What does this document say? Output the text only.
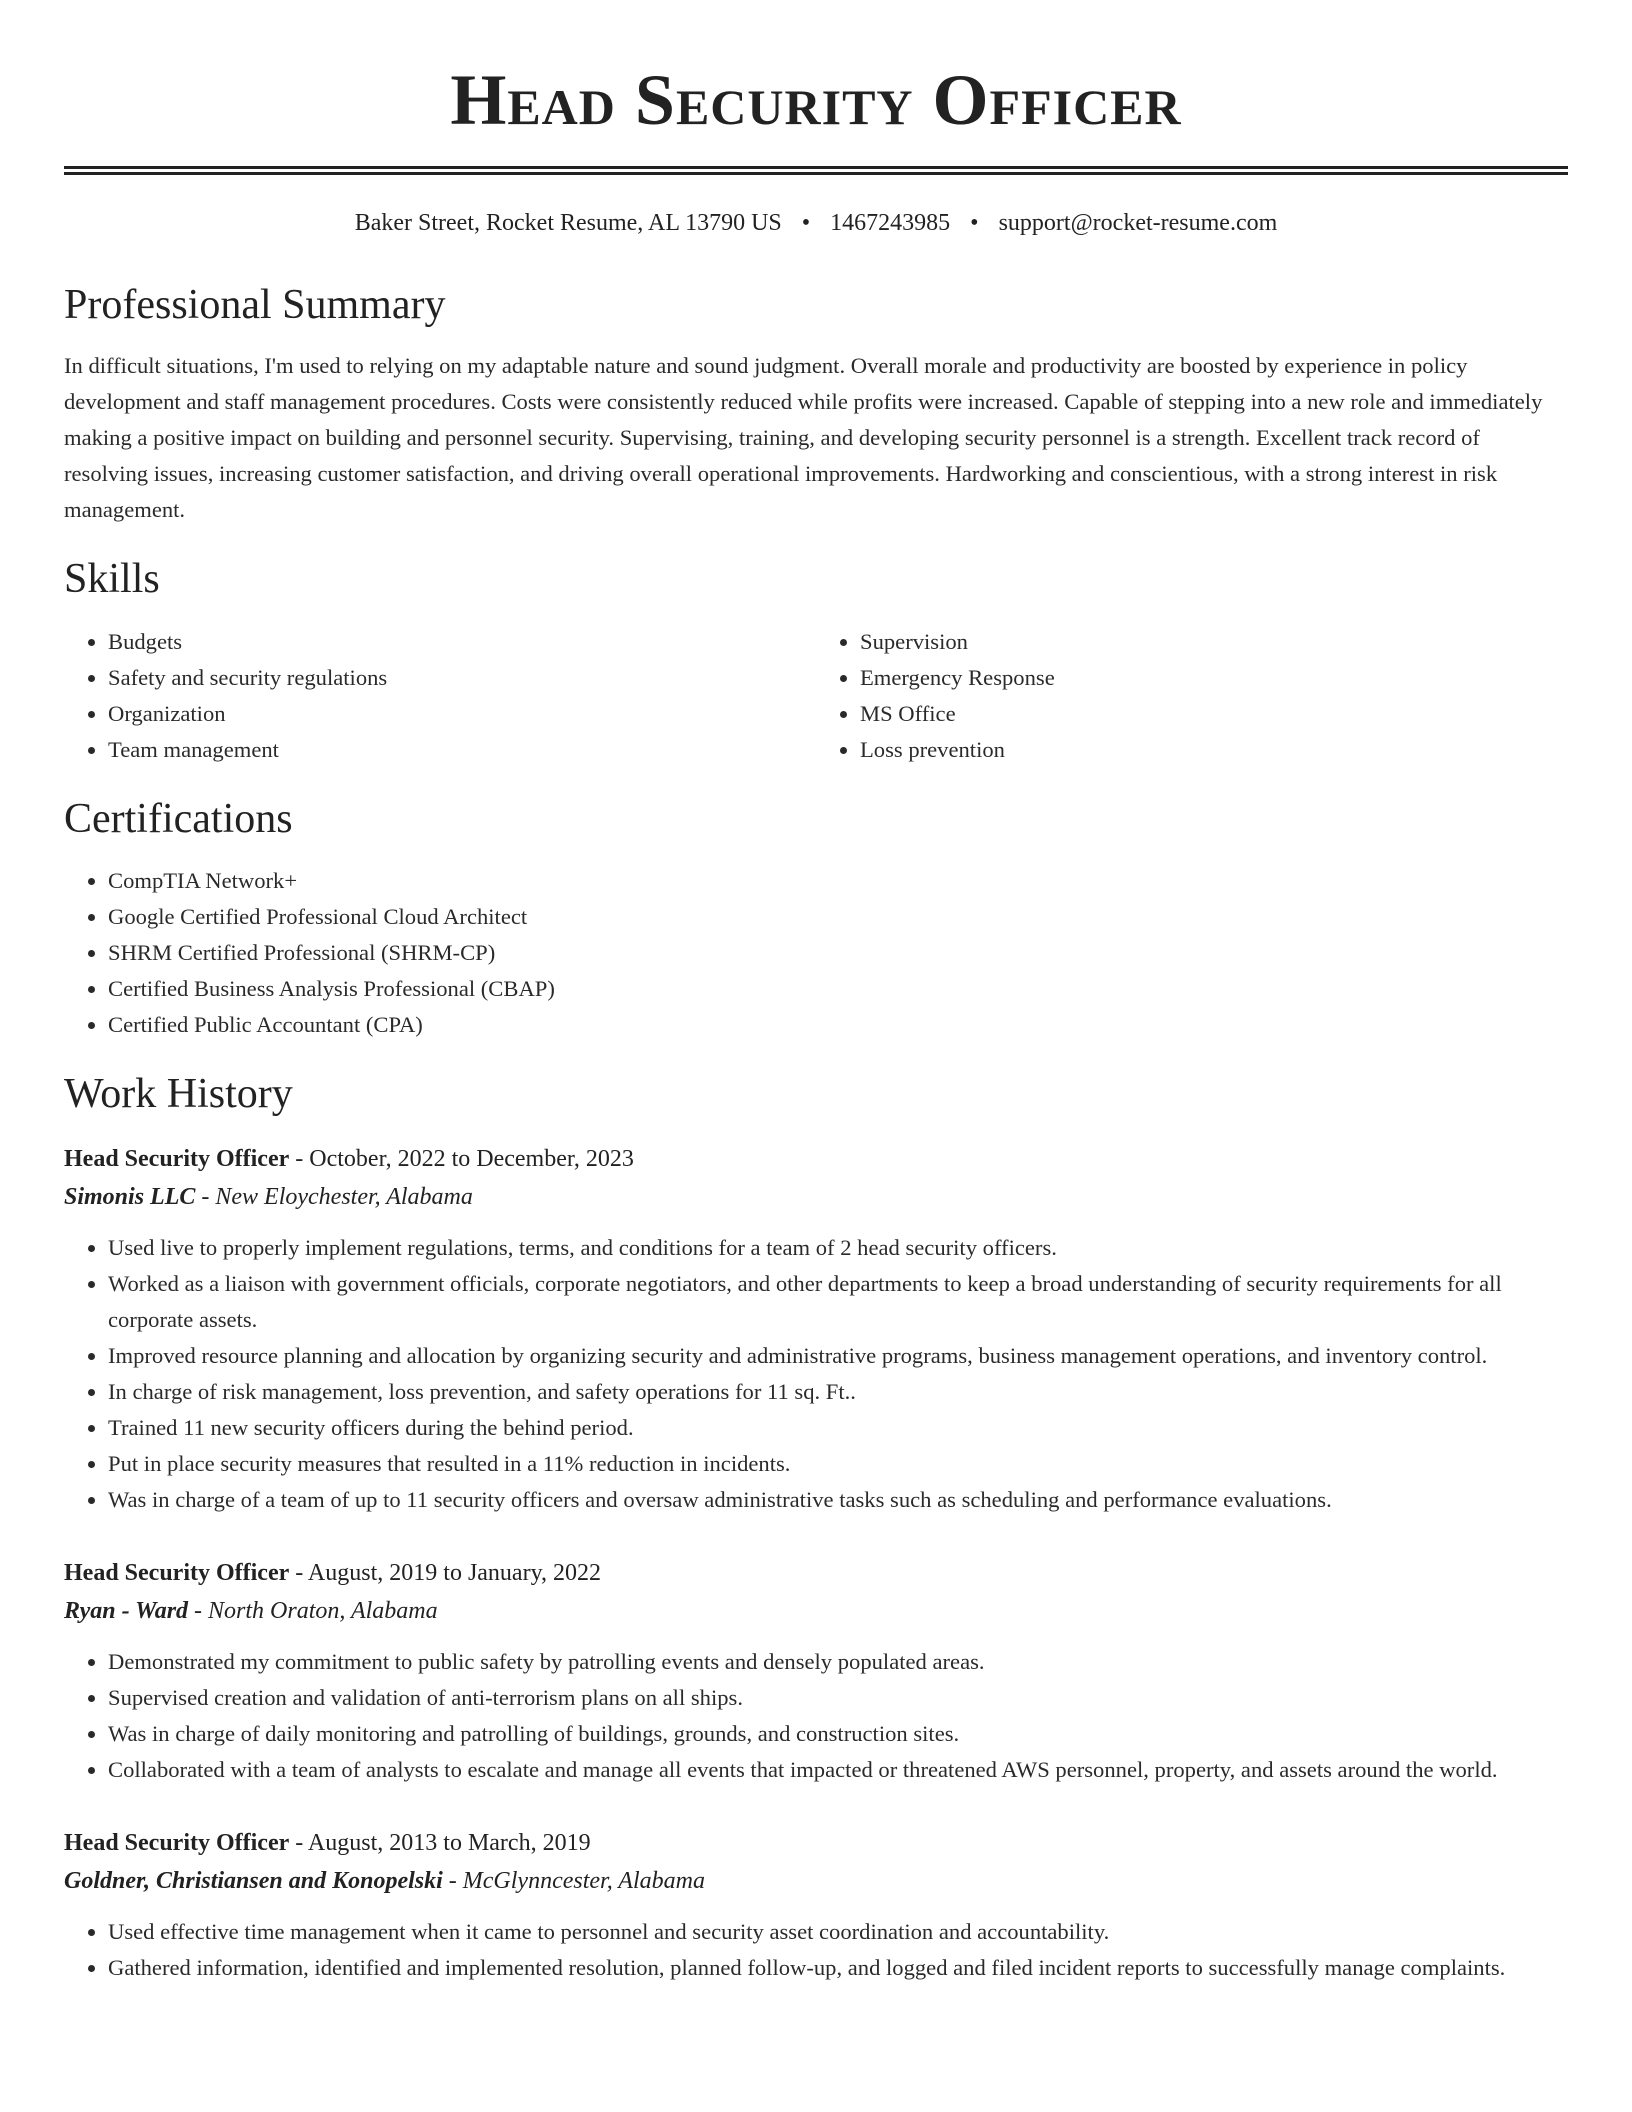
Head Security Officer
Baker Street, Rocket Resume, AL 13790 US • 1467243985 • support@rocket-resume.com
Professional Summary

In difficult situations, I'm used to relying on my adaptable nature and sound judgment. Overall morale and productivity are boosted by experience in policy development and staff management procedures. Costs were consistently reduced while profits were increased. Capable of stepping into a new role and immediately making a positive impact on building and personnel security. Supervising, training, and developing security personnel is a strength. Excellent track record of resolving issues, increasing customer satisfaction, and driving overall operational improvements. Hardworking and conscientious, with a strong interest in risk management.

Skills
• Budgets
• Safety and security regulations
• Organization
• Team management
• Supervision
• Emergency Response
• MS Office
• Loss prevention
Certifications
• CompTIA Network+
• Google Certified Professional Cloud Architect
• SHRM Certified Professional (SHRM-CP)
• Certified Business Analysis Professional (CBAP)
• Certified Public Accountant (CPA)
Work History
Head Security Officer - October, 2022 to December, 2023
Simonis LLC - New Eloychester, Alabama
• Used live to properly implement regulations, terms, and conditions for a team of 2 head security officers.
• Worked as a liaison with government officials, corporate negotiators, and other departments to keep a broad understanding of security requirements for all corporate assets.
• Improved resource planning and allocation by organizing security and administrative programs, business management operations, and inventory control.
• In charge of risk management, loss prevention, and safety operations for 11 sq. Ft..
• Trained 11 new security officers during the behind period.
• Put in place security measures that resulted in a 11% reduction in incidents.
• Was in charge of a team of up to 11 security officers and oversaw administrative tasks such as scheduling and performance evaluations.
Head Security Officer - August, 2019 to January, 2022
Ryan - Ward - North Oraton, Alabama
• Demonstrated my commitment to public safety by patrolling events and densely populated areas.
• Supervised creation and validation of anti-terrorism plans on all ships.
• Was in charge of daily monitoring and patrolling of buildings, grounds, and construction sites.
• Collaborated with a team of analysts to escalate and manage all events that impacted or threatened AWS personnel, property, and assets around the world.
Head Security Officer - August, 2013 to March, 2019
Goldner, Christiansen and Konopelski - McGlynncester, Alabama
• Used effective time management when it came to personnel and security asset coordination and accountability.
• Gathered information, identified and implemented resolution, planned follow-up, and logged and filed incident reports to successfully manage complaints.
